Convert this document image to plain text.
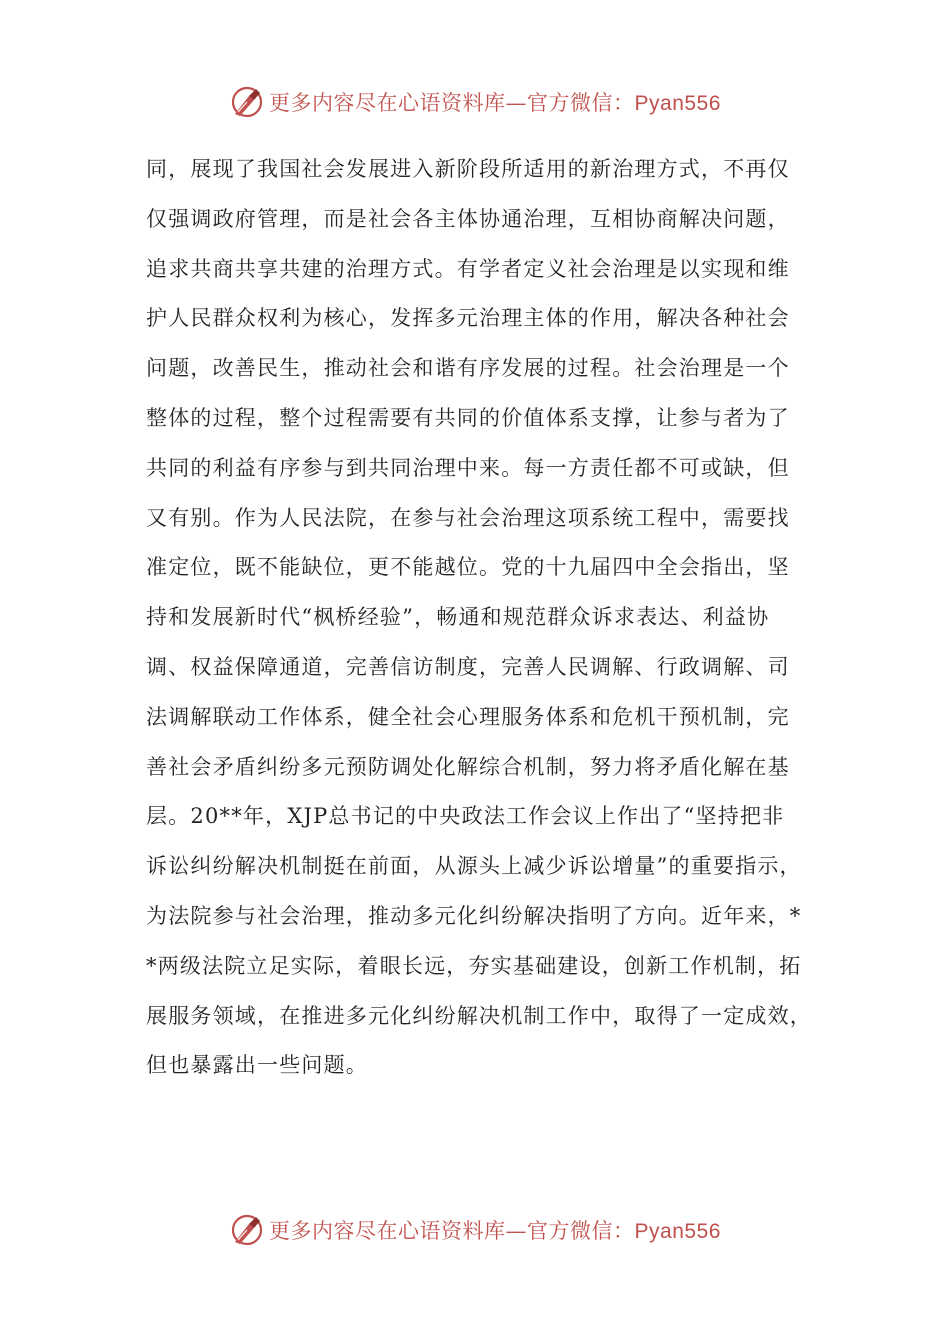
更多内容尽在心语资料库—官方微信：Pyan556
同，展现了我国社会发展进入新阶段所适用的新治理方式，不再仅
仅强调政府管理，而是社会各主体协通治理，互相协商解决问题，
追求共商共享共建的治理方式。有学者定义社会治理是以实现和维
护人民群众权利为核心，发挥多元治理主体的作用，解决各种社会
问题，改善民生，推动社会和谐有序发展的过程。社会治理是一个
整体的过程，整个过程需要有共同的价值体系支撑，让参与者为了
共同的利益有序参与到共同治理中来。每一方责任都不可或缺，但
又有别。作为人民法院，在参与社会治理这项系统工程中，需要找
准定位，既不能缺位，更不能越位。党的十九届四中全会指出，坚
持和发展新时代“枫桥经验”，畅通和规范群众诉求表达、利益协
调、权益保障通道，完善信访制度，完善人民调解、行政调解、司
法调解联动工作体系，健全社会心理服务体系和危机干预机制，完
善社会矛盾纠纷多元预防调处化解综合机制，努力将矛盾化解在基
层。20**年，XJP总书记的中央政法工作会议上作出了“坚持把非
诉讼纠纷解决机制挺在前面，从源头上减少诉讼增量”的重要指示，
为法院参与社会治理，推动多元化纠纷解决指明了方向。近年来，*
*两级法院立足实际，着眼长远，夯实基础建设，创新工作机制，拓
展服务领域，在推进多元化纠纷解决机制工作中，取得了一定成效，
但也暴露出一些问题。
更多内容尽在心语资料库—官方微信：Pyan556
